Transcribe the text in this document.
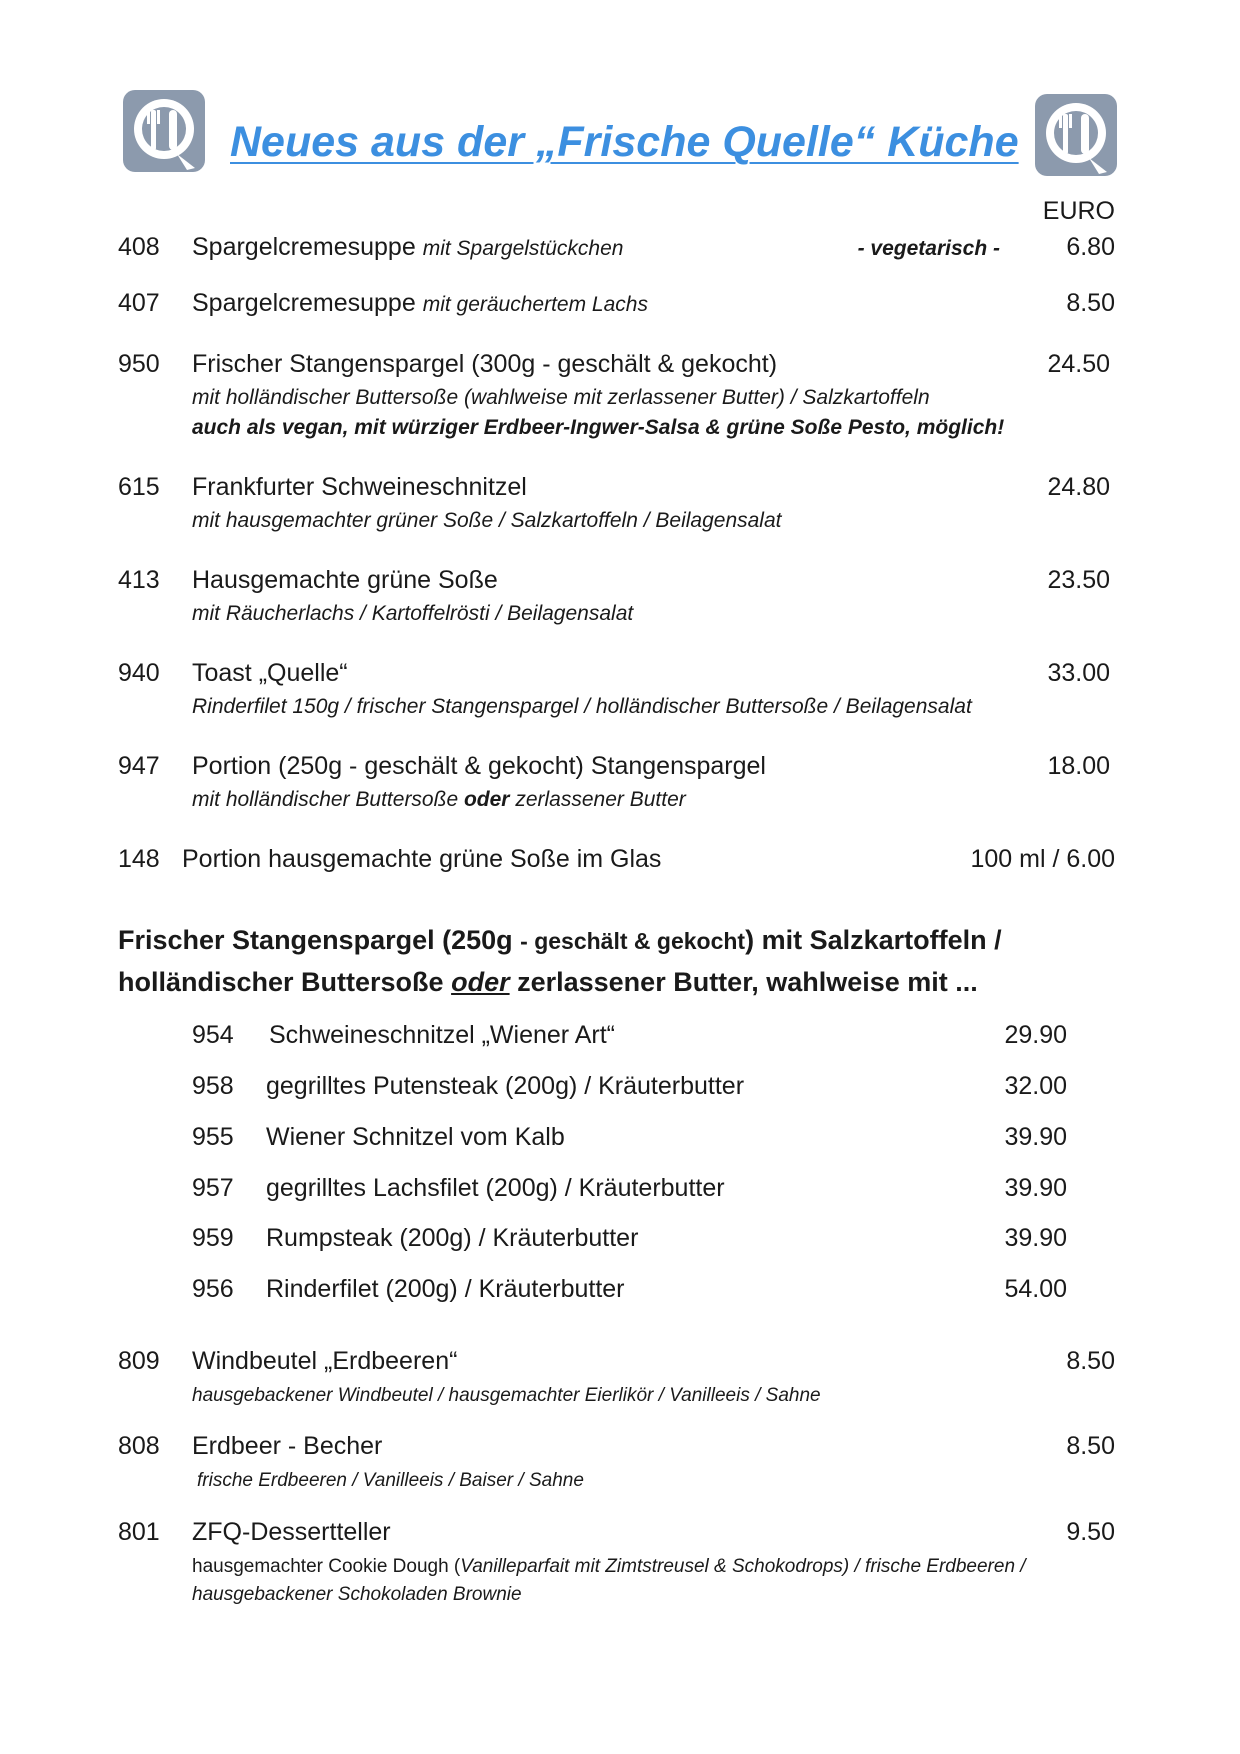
Neues aus der „Frische Quelle“ Küche
EURO
408 Spargelcremesuppe mit Spargelstückchen	- vegetarisch -	6.80
407 Spargelcremesuppe mit geräuchertem Lachs	8.50
950 Frischer Stangenspargel (300g - geschält & gekocht)	24.50
mit holländischer Buttersoße (wahlweise mit zerlassener Butter) / Salzkartoffeln
auch als vegan, mit würziger Erdbeer-Ingwer-Salsa & grüne Soße Pesto, möglich!
615 Frankfurter Schweineschnitzel	24.80
mit hausgemachter grüner Soße / Salzkartoffeln / Beilagensalat
413 Hausgemachte grüne Soße	23.50
mit Räucherlachs / Kartoffelrösti / Beilagensalat
940 Toast „Quelle“	33.00
Rinderfilet 150g / frischer Stangenspargel / holländischer Buttersoße / Beilagensalat
947 Portion (250g - geschält & gekocht) Stangenspargel	18.00
mit holländischer Buttersoße oder zerlassener Butter
148 Portion hausgemachte grüne Soße im Glas	100 ml / 6.00
Frischer Stangenspargel (250g - geschält & gekocht) mit Salzkartoffeln /
holländischer Buttersoße oder zerlassener Butter, wahlweise mit ...
954 Schweineschnitzel „Wiener Art“	29.90
958 gegrilltes Putensteak (200g) / Kräuterbutter	32.00
955 Wiener Schnitzel vom Kalb	39.90
957 gegrilltes Lachsfilet (200g) / Kräuterbutter	39.90
959 Rumpsteak (200g) / Kräuterbutter	39.90
956 Rinderfilet (200g) / Kräuterbutter	54.00
809 Windbeutel „Erdbeeren“	8.50
hausgebackener Windbeutel / hausgemachter Eierlikör / Vanilleeis / Sahne
808 Erdbeer - Becher	8.50
frische Erdbeeren / Vanilleeis / Baiser / Sahne
801 ZFQ-Dessertteller	9.50
hausgemachter Cookie Dough (Vanilleparfait mit Zimtstreusel & Schokodrops) / frische Erdbeeren /
hausgebackener Schokoladen Brownie
